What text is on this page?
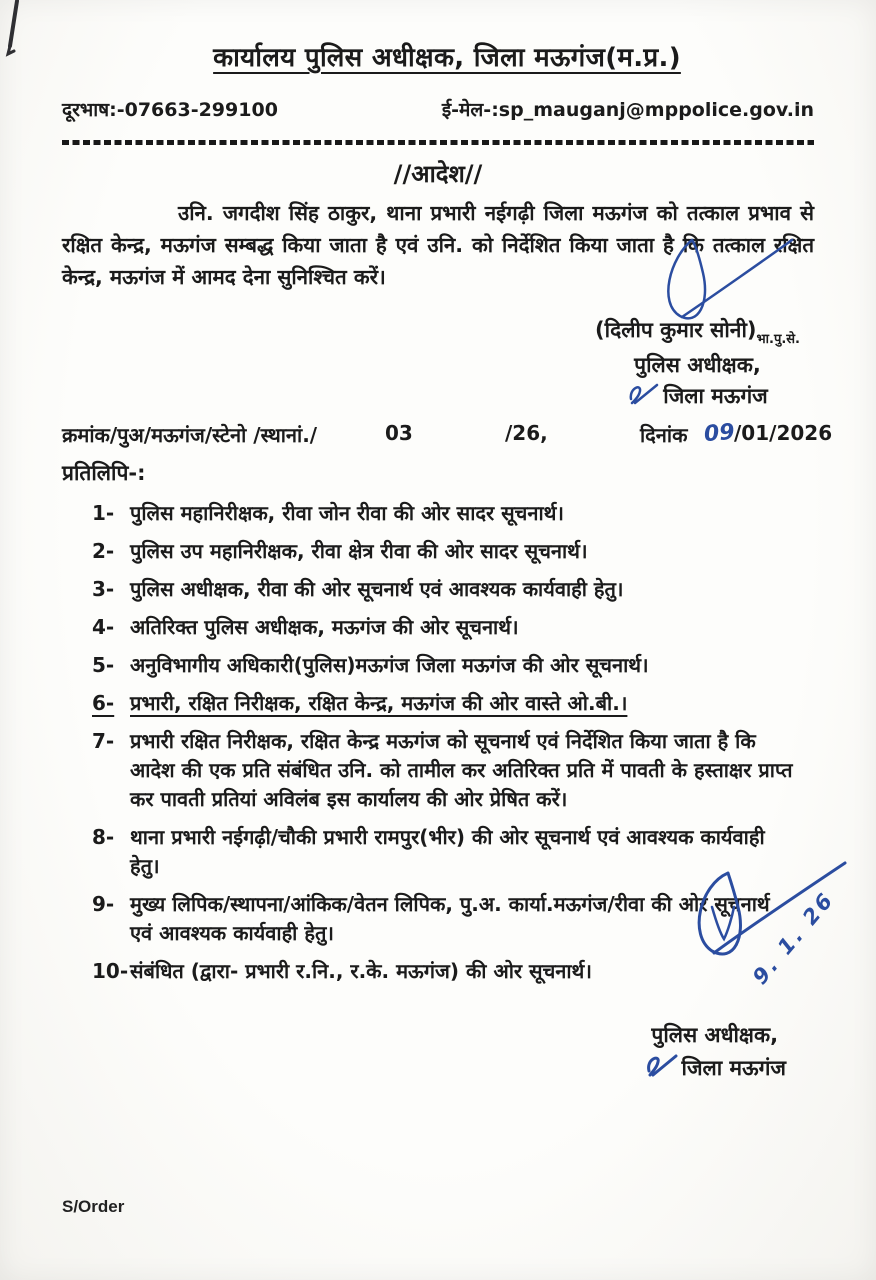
कार्यालय पुलिस अधीक्षक, जिला मऊगंज(म.प्र.)
दूरभाष:-07663-299100	ई-मेल-:sp_mauganj@mppolice.gov.in
//आदेश//
उनि. जगदीश सिंह ठाकुर, थाना प्रभारी नईगढ़ी जिला मऊगंज को तत्काल प्रभाव से रक्षित केन्द्र, मऊगंज सम्बद्ध किया जाता है एवं उनि. को निर्देशित किया जाता है कि तत्काल रक्षित केन्द्र, मऊगंज में आमद देना सुनिश्चित करें।
(दिलीप कुमार $सोनी)_{भा.पु.से.}$
पुलिस अधीक्षक,
जिला मऊगंज
क्रमांक/पुअ/मऊगंज/स्टेनो /स्थानां./	03	/26,	दिनांक 09
/01/2026
प्रतिलिपि-:
1- पुलिस महानिरीक्षक, रीवा जोन रीवा की ओर सादर सूचनार्थ।
2- पुलिस उप महानिरीक्षक, रीवा क्षेत्र रीवा की ओर सादर सूचनार्थ।
3- पुलिस अधीक्षक, रीवा की ओर सूचनार्थ एवं आवश्यक कार्यवाही हेतु।
4- अतिरिक्त पुलिस अधीक्षक, मऊगंज की ओर सूचनार्थ।
5- अनुविभागीय अधिकारी(पुलिस)मऊगंज जिला मऊगंज की ओर सूचनार्थ।
6- प्रभारी, रक्षित निरीक्षक, रक्षित केन्द्र, मऊगंज की ओर वास्ते ओ.बी.।
7- प्रभारी रक्षित निरीक्षक, रक्षित केन्द्र मऊगंज को सूचनार्थ एवं निर्देशित किया जाता है कि आदेश की एक प्रति संबंधित उनि. को तामील कर अतिरिक्त प्रति में पावती के हस्ताक्षर प्राप्त कर पावती प्रतियां अविलंब इस कार्यालय की ओर प्रेषित करें।
8- थाना प्रभारी नईगढ़ी/चौकी प्रभारी रामपुर(भीर) की ओर सूचनार्थ एवं आवश्यक कार्यवाही हेतु।
9- मुख्य लिपिक/स्थापना/आंकिक/वेतन लिपिक, पु.अ. कार्या.मऊगंज/रीवा की ओर सूचनार्थ एवं आवश्यक कार्यवाही हेतु।
10- संबंधित (द्वारा- प्रभारी र.नि., र.के. मऊगंज) की ओर सूचनार्थ।
पुलिस अधीक्षक,
जिला मऊगंज
S/Order
9. 1. 26
